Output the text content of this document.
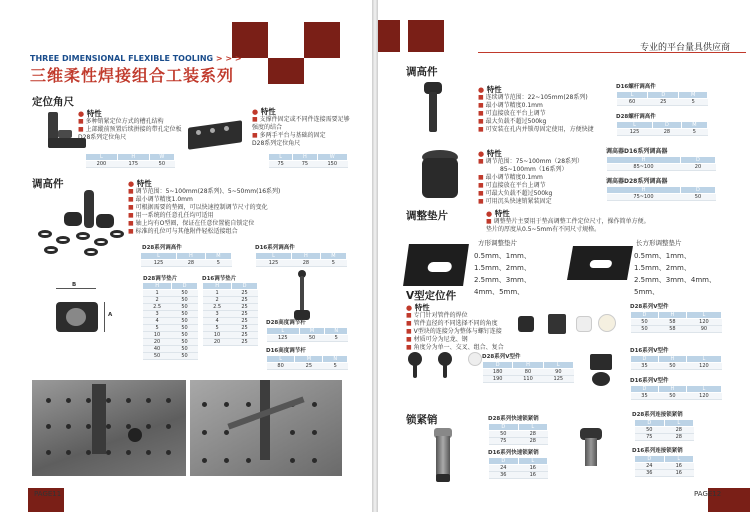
THREE DIMENSIONAL FLEXIBLE TOOLING > > >
三维柔性焊接组合工装系列
定位角尺
● 特性
■ 多种销紧定位方式的槽孔结构
■ 上部縱前预置后续拼接的带孔定位板
D28系列定位角尺
L	H	W
200	175	50
● 特性
■ 支撑件固定或不同件连接需要足够
强度的结合
■ 多两手平台与基础的固定
D28系列定位角尺
L	H	W
75	75	150
调高件	● 特性
■ 调节范围：5~100mm(28系列)、5~50mm(16系列)
■ 最小调节精度1.0mm
■ 可根据需要的垫圈，可以快速控制调节尺寸的变化
■ 用一系统的任意孔任均可适用
■ 轴上均有O型圈，保证在任意位置能自锁定位
■ 标准的孔位可与其他附件轻松适接组合
D28系列调高件
L	H	M
125	28	5
D16系列调高件
L	H	M
125	28	5
B
A
D28调节垫片
H	D
1	50
2	50
2.5	50
3	50
4	50
5	50
10	50
20	50
40	50
50	50
D16调节垫片
H	D
1	25
2	25
2.5	25
3	25
4	25
5	25
10	25
20	25
D28高度调节杆
L	M	N
125	50	5
D16高度调节杆
L	M	N
80	25	5
PAGE11
专业的平台量具供应商
调高件
● 特性
■ 连续调节范围：22~105mm(28系列)
■ 最小调节精度0.1mm
■ 可直接放在平台上调节
■ 最大负载不超过500kg
■ 可安装在孔内并锁母固定使用，方便快捷
D16螺杆调高件
L	D	M
60	25	5
D28螺杆调高件
L	D	M
125	28	5
● 特性
■ 调节范围：75~100mm（28系列）
85~100mm（16系列）
■ 最小调节精度0.1mm
■ 可直接放在平台上调节
■ 可最大负载不超过500kg
■ 可用沉头快速销紧装固定
调高器D16系列调高器
H	D
85~100	20
调高器D28系列调高器
H	D
75~100	50
调整垫片	● 特性
■ 调整垫片主要用于垫高调整工件定位尺寸，操作简单方便。
垫片的厚度从0.5~5mm有不同尺寸规格。
方形调整垫片
0.5mm、1mm、1.5mm、2mm、2.5mm、3mm、4mm、5mm、
长方形调整垫片
0.5mm、1mm、1.5mm、2mm、2.5mm、3mm、4mm、5mm、
V型定位件
● 特性
■ 专门针对管件的焊位
■ 管件直径的不同选择不同的角度
■ V型块的连接分为整体与螺钉连接
■ 材质可分为尼龙、钢
■ 角度分为单一、交叉、组合、复合
D28系列V型件
D	H	L
50	58	120
50	58	90
D28系列V型件
D	H	L
180	80	90
190	110	125
D16系列V型件
D	H	L
35	50	120
D16系列V型件
D	H	L
35	50	120
锁紧销	D28系列快速锁紧销
D	L
50	28
75	28
D16系列快速锁紧销
D	L
24	16
36	16
D28系列连接锁紧销
D	L
50	28
75	28
D16系列连接锁紧销
D	L
24	16
36	16
PAGE12
